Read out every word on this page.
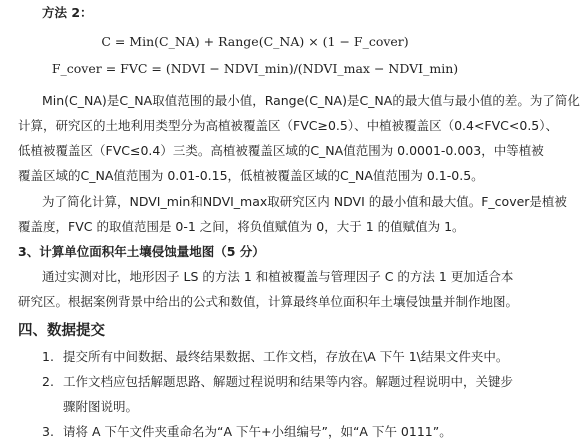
方法 2：
C = Min(C_NA) + Range(C_NA) × (1 − F_cover)
F_cover = FVC = (NDVI − NDVI_min)/(NDVI_max − NDVI_min)
Min(C_NA)是C_NA取值范围的最小值，Range(C_NA)是C_NA的最大值与最小值的差。为了简化
计算，研究区的土地利用类型分为高植被覆盖区（FVC≥0.5）、中植被覆盖区（0.4<FVC<0.5）、
低植被覆盖区（FVC≤0.4）三类。高植被覆盖区域的C_NA值范围为 0.0001-0.003，中等植被
覆盖区域的C_NA值范围为 0.01-0.15，低植被覆盖区域的C_NA值范围为 0.1-0.5。
为了简化计算，NDVI_min和NDVI_max取研究区内 NDVI 的最小值和最大值。F_cover是植被
覆盖度，FVC 的取值范围是 0-1 之间，将负值赋值为 0，大于 1 的值赋值为 1。
3、计算单位面积年土壤侵蚀量地图（5 分）
通过实测对比，地形因子 LS 的方法 1 和植被覆盖与管理因子 C 的方法 1 更加适合本
研究区。根据案例背景中给出的公式和数值，计算最终单位面积年土壤侵蚀量并制作地图。
四、数据提交
1. 提交所有中间数据、最终结果数据、工作文档，存放在\A 下午 1\结果文件夹中。
2. 工作文档应包括解题思路、解题过程说明和结果等内容。解题过程说明中，关键步
骤附图说明。
3. 请将 A 下午文件夹重命名为“A 下午+小组编号”，如“A 下午 0111”。
